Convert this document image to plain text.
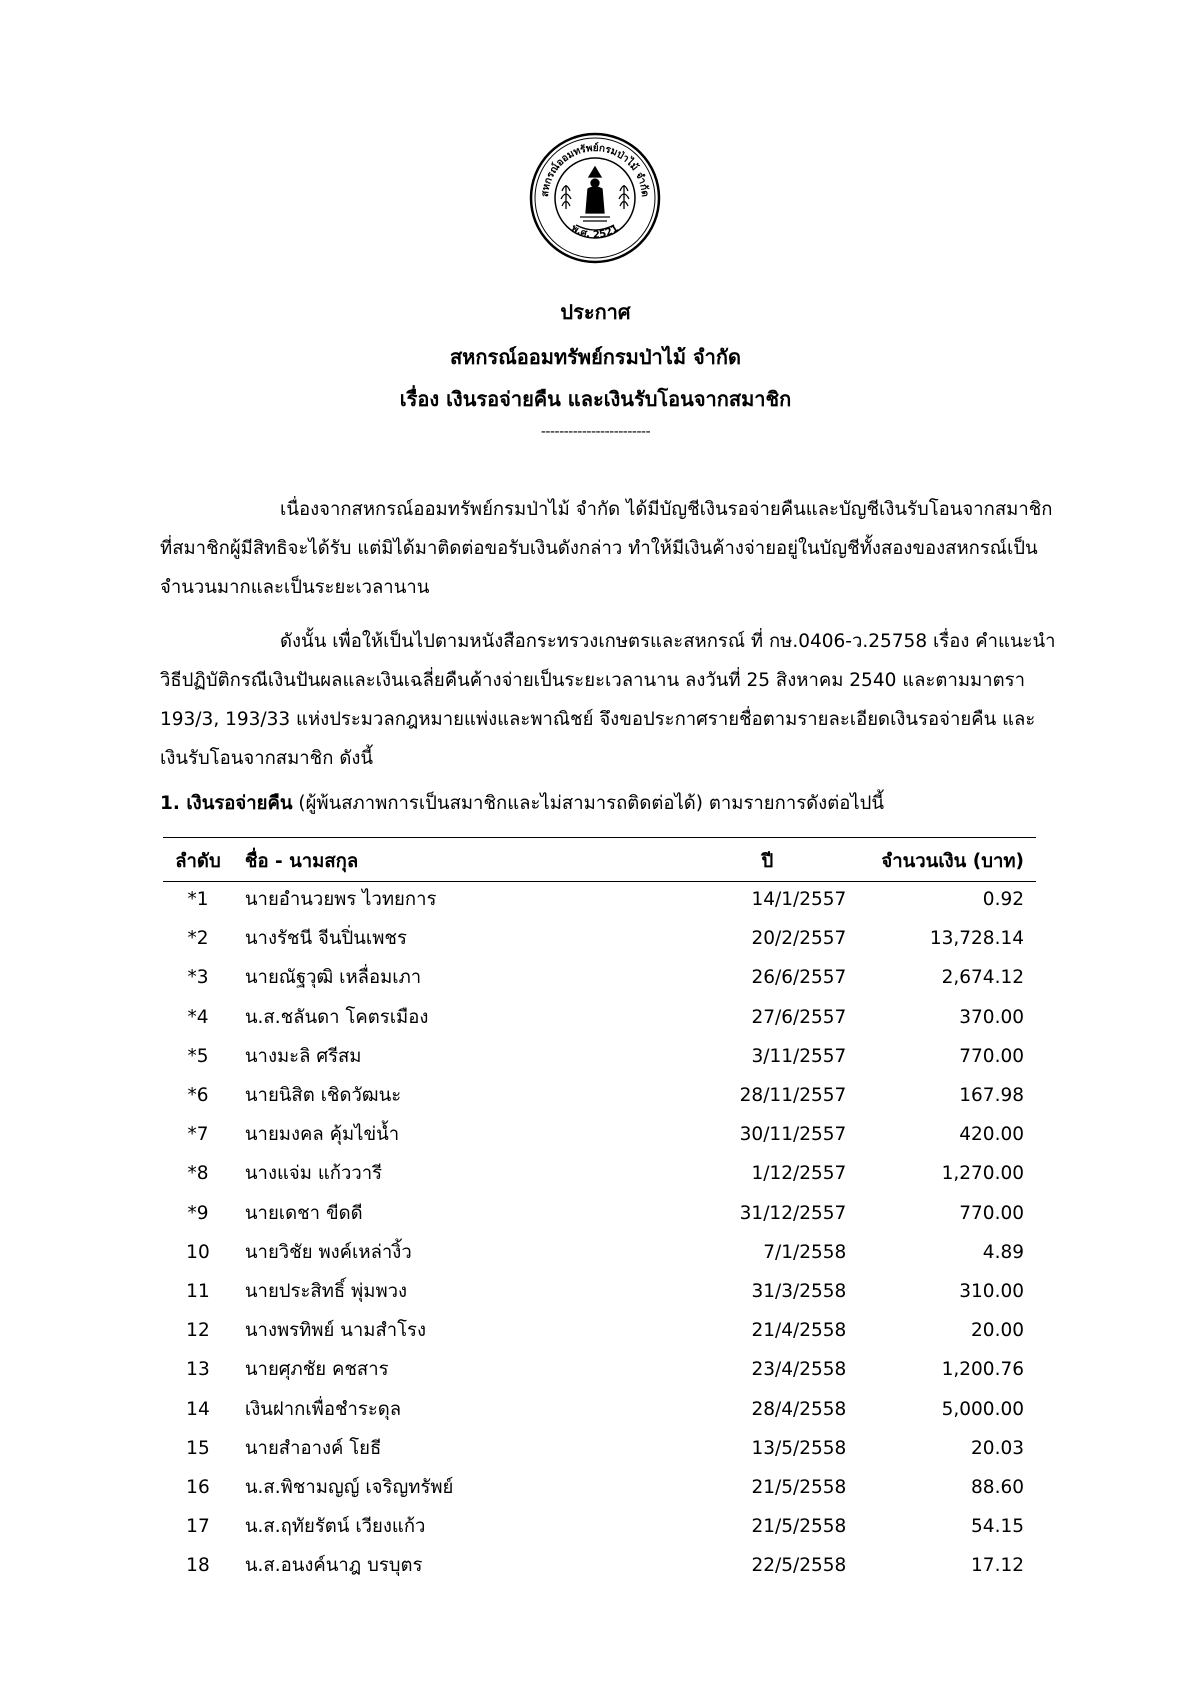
สหกรณ์ออมทรัพย์กรมป่าไม้ จำกัด
พ.ศ. 2521
ประกาศ
สหกรณ์ออมทรัพย์กรมป่าไม้ จำกัด
เรื่อง เงินรอจ่ายคืน และเงินรับโอนจากสมาชิก
------------------------
เนื่องจากสหกรณ์ออมทรัพย์กรมป่าไม้ จำกัด ได้มีบัญชีเงินรอจ่ายคืนและบัญชีเงินรับโอนจากสมาชิก
ที่สมาชิกผู้มีสิทธิจะได้รับ แต่มิได้มาติดต่อขอรับเงินดังกล่าว ทำให้มีเงินค้างจ่ายอยู่ในบัญชีทั้งสองของสหกรณ์เป็น
จำนวนมากและเป็นระยะเวลานาน
ดังนั้น เพื่อให้เป็นไปตามหนังสือกระทรวงเกษตรและสหกรณ์ ที่ กษ.0406-ว.25758 เรื่อง คำแนะนำ
วิธีปฏิบัติกรณีเงินปันผลและเงินเฉลี่ยคืนค้างจ่ายเป็นระยะเวลานาน ลงวันที่ 25 สิงหาคม 2540 และตามมาตรา
193/3, 193/33 แห่งประมวลกฎหมายแพ่งและพาณิชย์ จึงขอประกาศรายชื่อตามรายละเอียดเงินรอจ่ายคืน และ
เงินรับโอนจากสมาชิก ดังนี้
1. เงินรอจ่ายคืน (ผู้พ้นสภาพการเป็นสมาชิกและไม่สามารถติดต่อได้) ตามรายการดังต่อไปนี้
ลำดับ	ชื่อ - นามสกุล	ปี	จำนวนเงิน (บาท)
*1	นายอำนวยพร ไวทยการ	14/1/2557	0.92
*2	นางรัชนี จีนปิ่นเพชร	20/2/2557	13,728.14
*3	นายณัฐวุฒิ เหลื่อมเภา	26/6/2557	2,674.12
*4	น.ส.ชลันดา โคตรเมือง	27/6/2557	370.00
*5	นางมะลิ ศรีสม	3/11/2557	770.00
*6	นายนิสิต เชิดวัฒนะ	28/11/2557	167.98
*7	นายมงคล คุ้มไข่น้ำ	30/11/2557	420.00
*8	นางแจ่ม แก้ววารี	1/12/2557	1,270.00
*9	นายเดชา ขีดดี	31/12/2557	770.00
10	นายวิชัย พงค์เหล่างิ้ว	7/1/2558	4.89
11	นายประสิทธิ์ พุ่มพวง	31/3/2558	310.00
12	นางพรทิพย์ นามสำโรง	21/4/2558	20.00
13	นายศุภชัย คชสาร	23/4/2558	1,200.76
14	เงินฝากเพื่อชำระดุล	28/4/2558	5,000.00
15	นายสำอางค์ โยธี	13/5/2558	20.03
16	น.ส.พิชามญญ์ เจริญทรัพย์	21/5/2558	88.60
17	น.ส.ฤทัยรัตน์ เวียงแก้ว	21/5/2558	54.15
18	น.ส.อนงค์นาฎ บรบุตร	22/5/2558	17.12
